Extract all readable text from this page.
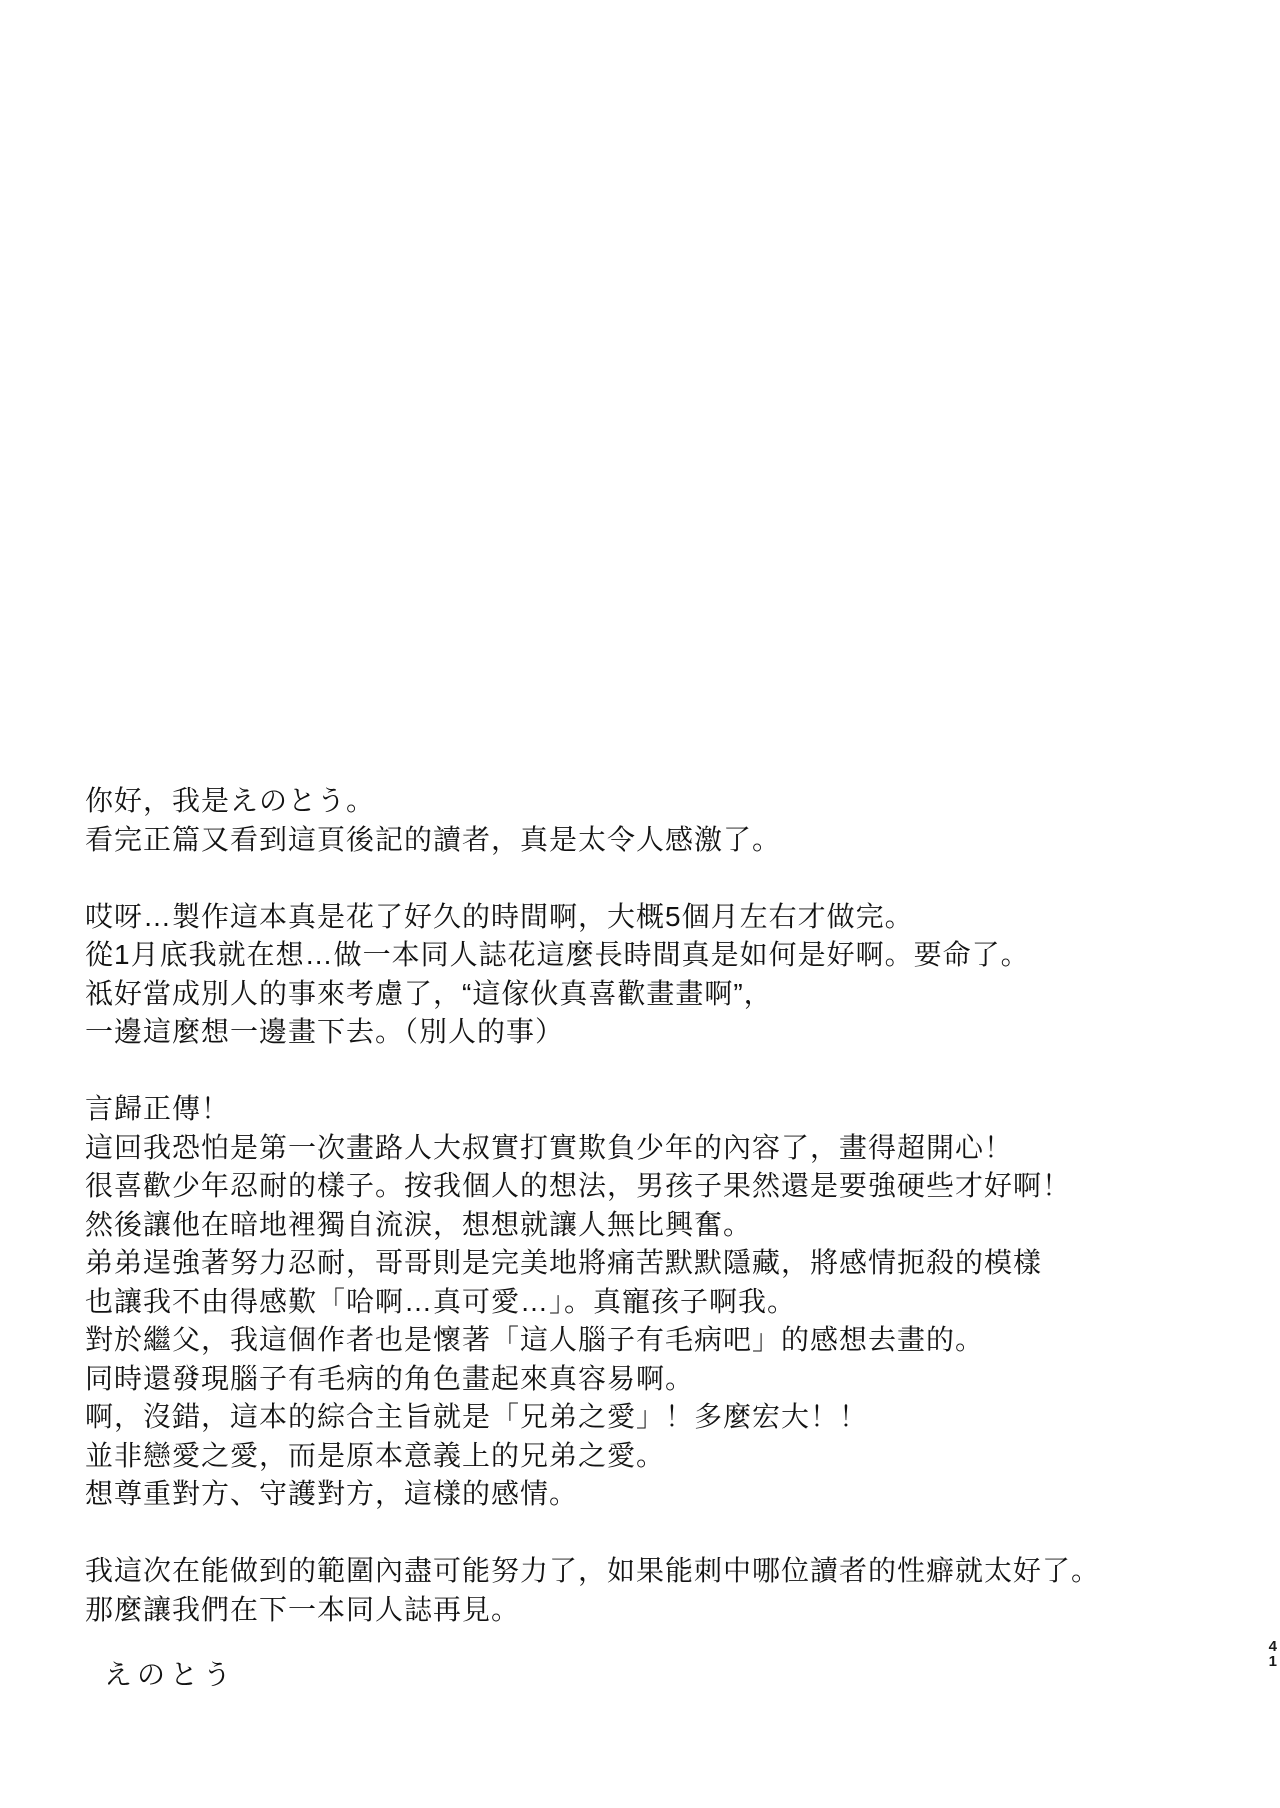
你好，我是えのとう。
看完正篇又看到這頁後記的讀者，真是太令人感激了。
哎呀…製作這本真是花了好久的時間啊，大概5個月左右才做完。
從1月底我就在想…做一本同人誌花這麼長時間真是如何是好啊。要命了。
祗好當成別人的事來考慮了，“這傢伙真喜歡畫畫啊”，
一邊這麼想一邊畫下去。（別人的事）
言歸正傳！
這回我恐怕是第一次畫路人大叔實打實欺負少年的內容了，畫得超開心！
很喜歡少年忍耐的樣子。按我個人的想法，男孩子果然還是要強硬些才好啊！
然後讓他在暗地裡獨自流淚，想想就讓人無比興奮。
弟弟逞強著努力忍耐，哥哥則是完美地將痛苦默默隱藏，將感情扼殺的模樣
也讓我不由得感歎「哈啊…真可愛…」。真寵孩子啊我。
對於繼父，我這個作者也是懷著「這人腦子有毛病吧」的感想去畫的。
同時還發現腦子有毛病的角色畫起來真容易啊。
啊，沒錯，這本的綜合主旨就是「兄弟之愛」！多麼宏大！！
並非戀愛之愛，而是原本意義上的兄弟之愛。
想尊重對方、守護對方，這樣的感情。
我這次在能做到的範圍內盡可能努力了，如果能刺中哪位讀者的性癖就太好了。
那麼讓我們在下一本同人誌再見。
えのとう
4
1
